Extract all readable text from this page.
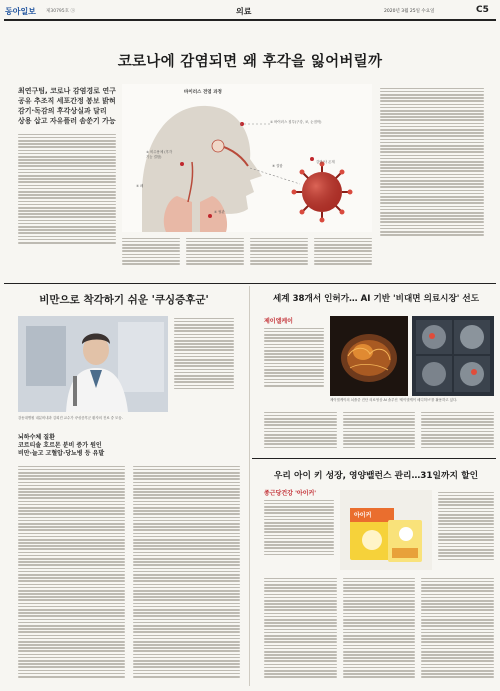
동아일보 제30795호 ⓐ	의료	2020년 3월 25일 수요일	C5
코로나에 감염되면 왜 후각을 잃어버릴까
최연구팀, 코로나 감염경로 연구
공유 추조직 세포간정 봉보 밝혀
감기·독감의 후각상실과 달리
상용 삽고 자유플러 솜쑨기 가능
바이러스 전염 과정
① 바이러스 침투(구강, 코, 눈점막)
② 비수용체 (후각 기능 결합)
③ 폐
④ 혈관
⑤ 결합
감염/사 존재
비만으로 착각하기 쉬운 '쿠싱증후군'
강동대병원 내분비내과 김희진 교수가 쿠싱증후군 환자의 진료 중 모습.
뇌하수체 질환
코르티솔 호르몬 분비 증가 원인
비만·늘고 고혈압·당뇨병 등 유발
세계 38개서 인허가… AI 기반 '비대면 의료시장' 선도
제이엘케이
제이엘케이의 뇌졸중 진단 의료영상 AI 솔루션 '제이엘케이 메디허브'를 활용하고 있다.
우리 아이 키 성장, 영양밸런스 관리…31일까지 할인
종근당건강 '아이커'
아이커
